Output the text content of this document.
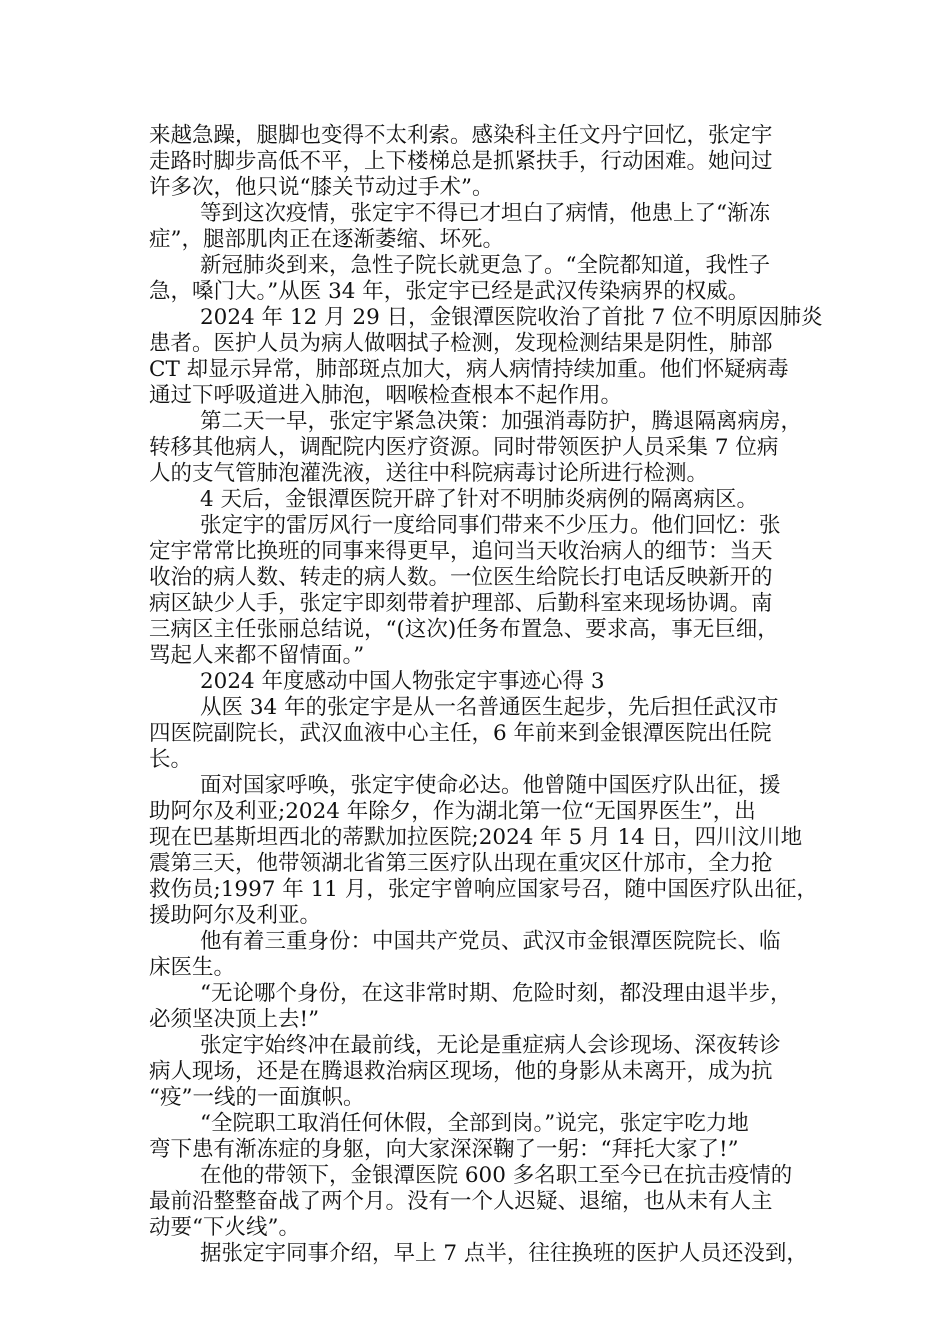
来越急躁，腿脚也变得不太利索。感染科主任文丹宁回忆，张定宇
走路时脚步高低不平，上下楼梯总是抓紧扶手，行动困难。她问过
许多次，他只说“膝关节动过手术”。
等到这次疫情，张定宇不得已才坦白了病情，他患上了“渐冻
症”，腿部肌肉正在逐渐萎缩、坏死。
新冠肺炎到来，急性子院长就更急了。“全院都知道，我性子
急，嗓门大。”从医 34 年，张定宇已经是武汉传染病界的权威。
2024 年 12 月 29 日，金银潭医院收治了首批 7 位不明原因肺炎
患者。医护人员为病人做咽拭子检测，发现检测结果是阴性，肺部
CT 却显示异常，肺部斑点加大，病人病情持续加重。他们怀疑病毒
通过下呼吸道进入肺泡，咽喉检查根本不起作用。
第二天一早，张定宇紧急决策：加强消毒防护，腾退隔离病房，
转移其他病人，调配院内医疗资源。同时带领医护人员采集 7 位病
人的支气管肺泡灌洗液，送往中科院病毒讨论所进行检测。
4 天后，金银潭医院开辟了针对不明肺炎病例的隔离病区。
张定宇的雷厉风行一度给同事们带来不少压力。他们回忆：张
定宇常常比换班的同事来得更早，追问当天收治病人的细节：当天
收治的病人数、转走的病人数。一位医生给院长打电话反映新开的
病区缺少人手，张定宇即刻带着护理部、后勤科室来现场协调。南
三病区主任张丽总结说，“(这次)任务布置急、要求高，事无巨细，
骂起人来都不留情面。”
2024 年度感动中国人物张定宇事迹心得 3
从医 34 年的张定宇是从一名普通医生起步，先后担任武汉市
四医院副院长，武汉血液中心主任，6 年前来到金银潭医院出任院
长。
面对国家呼唤，张定宇使命必达。他曾随中国医疗队出征，援
助阿尔及利亚;2024 年除夕，作为湖北第一位“无国界医生”，出
现在巴基斯坦西北的蒂默加拉医院;2024 年 5 月 14 日，四川汶川地
震第三天，他带领湖北省第三医疗队出现在重灾区什邡市，全力抢
救伤员;1997 年 11 月，张定宇曾响应国家号召，随中国医疗队出征，
援助阿尔及利亚。
他有着三重身份：中国共产党员、武汉市金银潭医院院长、临
床医生。
“无论哪个身份，在这非常时期、危险时刻，都没理由退半步，
必须坚决顶上去!”
张定宇始终冲在最前线，无论是重症病人会诊现场、深夜转诊
病人现场，还是在腾退救治病区现场，他的身影从未离开，成为抗
“疫”一线的一面旗帜。
“全院职工取消任何休假，全部到岗。”说完，张定宇吃力地
弯下患有渐冻症的身躯，向大家深深鞠了一躬：“拜托大家了!”
在他的带领下，金银潭医院 600 多名职工至今已在抗击疫情的
最前沿整整奋战了两个月。没有一个人迟疑、退缩，也从未有人主
动要“下火线”。
据张定宇同事介绍，早上 7 点半，往往换班的医护人员还没到，
